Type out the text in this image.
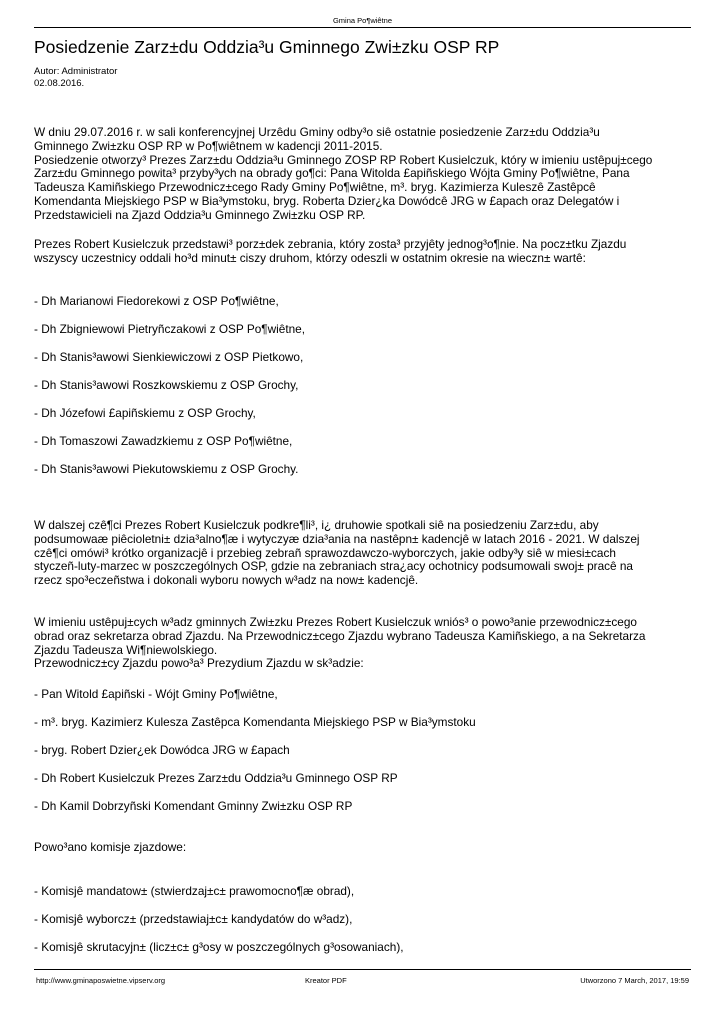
Gmina Po¶wiêtne
Posiedzenie Zarz±du Oddzia³u Gminnego Zwi±zku OSP RP
Autor: Administrator
02.08.2016.
W dniu 29.07.2016 r. w sali konferencyjnej Urzêdu Gminy odby³o siê ostatnie posiedzenie Zarz±du Oddzia³u
Gminnego Zwi±zku OSP RP w Po¶wiêtnem w kadencji 2011-2015.
Posiedzenie otworzy³ Prezes Zarz±du Oddzia³u Gminnego ZOSP RP Robert Kusielczuk, który w imieniu ustêpuj±cego
Zarz±du Gminnego powita³ przyby³ych na obrady go¶ci: Pana Witolda £apiñskiego Wójta Gminy Po¶wiêtne, Pana
Tadeusza Kamiñskiego Przewodnicz±cego Rady Gminy Po¶wiêtne, m³. bryg. Kazimierza Kuleszê Zastêpcê
Komendanta Miejskiego PSP w Bia³ymstoku, bryg. Roberta Dzier¿ka Dowódcê JRG w £apach oraz Delegatów i
Przedstawicieli na Zjazd Oddzia³u Gminnego Zwi±zku OSP RP.
Prezes Robert Kusielczuk przedstawi³ porz±dek zebrania, który zosta³ przyjêty jednog³o¶nie. Na pocz±tku Zjazdu
wszyscy uczestnicy oddali ho³d minut± ciszy druhom, którzy odeszli w ostatnim okresie na wieczn± wartê:
- Dh Marianowi Fiedorekowi z OSP Po¶wiêtne,
- Dh Zbigniewowi Pietryñczakowi z OSP Po¶wiêtne,
- Dh Stanis³awowi Sienkiewiczowi z OSP Pietkowo,
- Dh Stanis³awowi Roszkowskiemu z OSP Grochy,
- Dh Józefowi £apiñskiemu z OSP Grochy,
- Dh Tomaszowi Zawadzkiemu z OSP Po¶wiêtne,
- Dh Stanis³awowi Piekutowskiemu z OSP Grochy.
W dalszej czê¶ci Prezes Robert Kusielczuk podkre¶li³, i¿ druhowie spotkali siê na posiedzeniu Zarz±du, aby
podsumowaæ piêcioletni± dzia³alno¶æ i wytyczyæ dzia³ania na nastêpn± kadencjê w latach 2016 - 2021. W dalszej
czê¶ci omówi³ krótko organizacjê i przebieg zebrañ sprawozdawczo-wyborczych, jakie odby³y siê w miesi±cach
styczeñ-luty-marzec w poszczególnych OSP, gdzie na zebraniach stra¿acy ochotnicy podsumowali swoj± pracê na
rzecz spo³eczeñstwa i dokonali wyboru nowych w³adz na now± kadencjê.
W imieniu ustêpuj±cych w³adz gminnych Zwi±zku Prezes Robert Kusielczuk wniós³ o powo³anie przewodnicz±cego
obrad oraz sekretarza obrad Zjazdu. Na Przewodnicz±cego Zjazdu wybrano Tadeusza Kamiñskiego, a na Sekretarza
Zjazdu Tadeusza Wi¶niewolskiego.
Przewodnicz±cy Zjazdu powo³a³ Prezydium Zjazdu w sk³adzie:
- Pan Witold £apiñski - Wójt Gminy Po¶wiêtne,
- m³. bryg. Kazimierz Kulesza Zastêpca Komendanta Miejskiego PSP w Bia³ymstoku
- bryg. Robert Dzier¿ek Dowódca JRG w £apach
- Dh Robert Kusielczuk Prezes Zarz±du Oddzia³u Gminnego OSP RP
- Dh Kamil Dobrzyñski Komendant Gminny Zwi±zku OSP RP
Powo³ano komisje zjazdowe:
- Komisjê mandatow± (stwierdzaj±c± prawomocno¶æ obrad),
- Komisjê wyborcz± (przedstawiaj±c± kandydatów do w³adz),
- Komisjê skrutacyjn± (licz±c± g³osy w poszczególnych g³osowaniach),
http://www.gminaposwietne.vipserv.org	Kreator PDF	Utworzono 7 March, 2017, 19:59
